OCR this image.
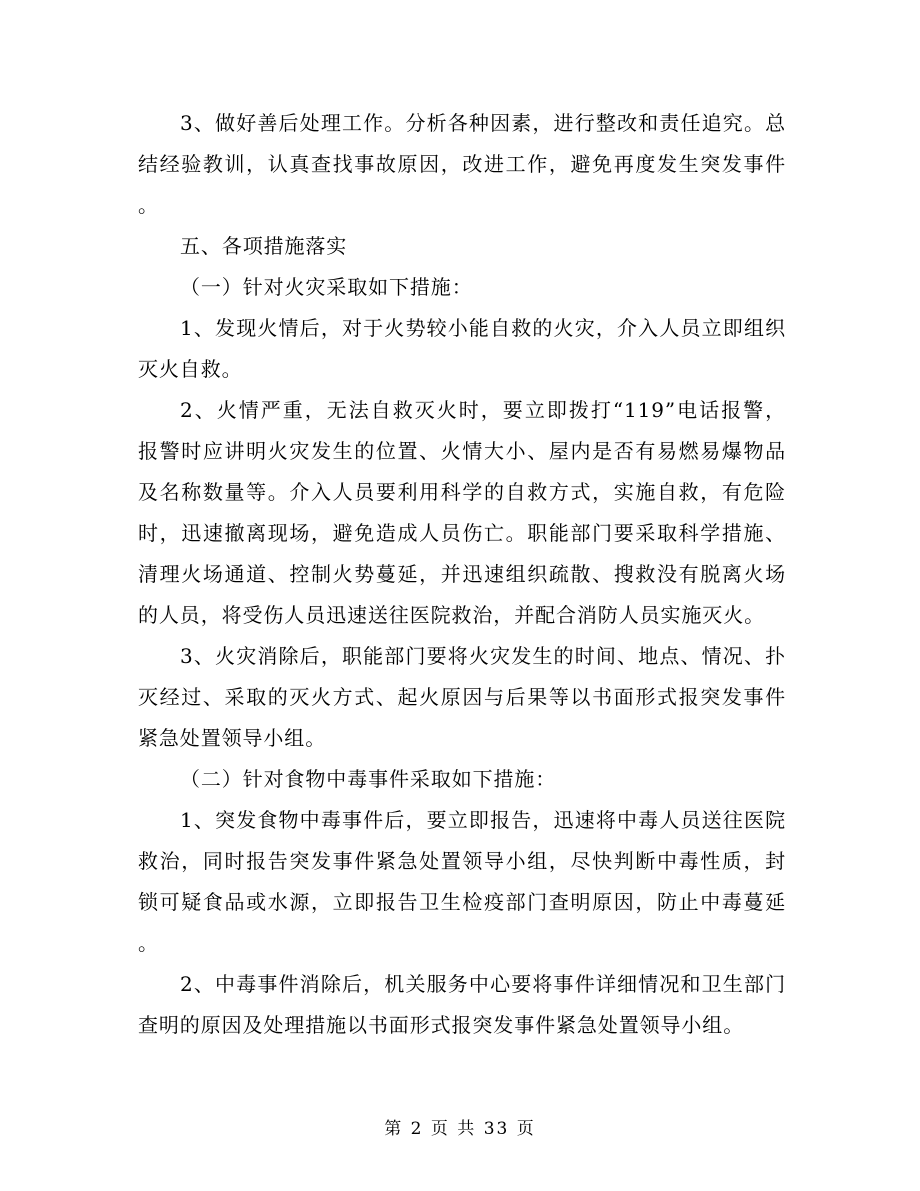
3、做好善后处理工作。分析各种因素，进行整改和责任追究。总
结经验教训，认真查找事故原因，改进工作，避免再度发生突发事件
。

五、各项措施落实

（一）针对火灾采取如下措施：

1、发现火情后，对于火势较小能自救的火灾，介入人员立即组织
灭火自救。

2、火情严重，无法自救灭火时，要立即拨打“119”电话报警，
报警时应讲明火灾发生的位置、火情大小、屋内是否有易燃易爆物品
及名称数量等。介入人员要利用科学的自救方式，实施自救，有危险
时，迅速撤离现场，避免造成人员伤亡。职能部门要采取科学措施、
清理火场通道、控制火势蔓延，并迅速组织疏散、搜救没有脱离火场
的人员，将受伤人员迅速送往医院救治，并配合消防人员实施灭火。

3、火灾消除后，职能部门要将火灾发生的时间、地点、情况、扑
灭经过、采取的灭火方式、起火原因与后果等以书面形式报突发事件
紧急处置领导小组。

（二）针对食物中毒事件采取如下措施：

1、突发食物中毒事件后，要立即报告，迅速将中毒人员送往医院
救治，同时报告突发事件紧急处置领导小组，尽快判断中毒性质，封
锁可疑食品或水源，立即报告卫生检疫部门查明原因，防止中毒蔓延
。

2、中毒事件消除后，机关服务中心要将事件详细情况和卫生部门
查明的原因及处理措施以书面形式报突发事件紧急处置领导小组。

第 2 页 共 33 页
